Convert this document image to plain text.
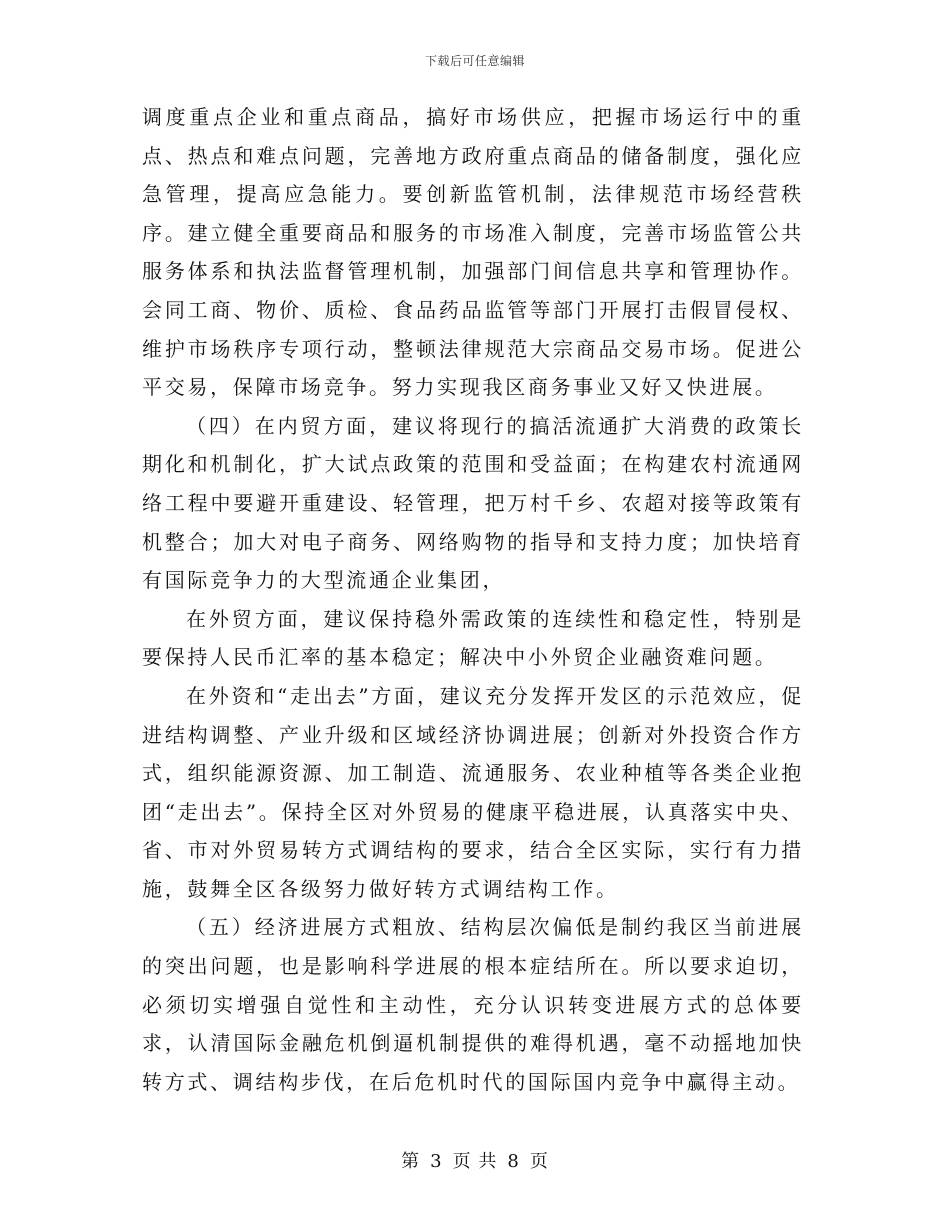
下载后可任意编辑

调度重点企业和重点商品，搞好市场供应，把握市场运行中的重点、热点和难点问题，完善地方政府重点商品的储备制度，强化应急管理，提高应急能力。要创新监管机制，法律规范市场经营秩序。建立健全重要商品和服务的市场准入制度，完善市场监管公共服务体系和执法监督管理机制，加强部门间信息共享和管理协作。会同工商、物价、质检、食品药品监管等部门开展打击假冒侵权、维护市场秩序专项行动，整顿法律规范大宗商品交易市场。促进公平交易，保障市场竞争。努力实现我区商务事业又好又快进展。

（四）在内贸方面，建议将现行的搞活流通扩大消费的政策长期化和机制化，扩大试点政策的范围和受益面；在构建农村流通网络工程中要避开重建设、轻管理，把万村千乡、农超对接等政策有机整合；加大对电子商务、网络购物的指导和支持力度；加快培育有国际竞争力的大型流通企业集团，

在外贸方面，建议保持稳外需政策的连续性和稳定性，特别是要保持人民币汇率的基本稳定；解决中小外贸企业融资难问题。

在外资和“走出去”方面，建议充分发挥开发区的示范效应，促进结构调整、产业升级和区域经济协调进展；创新对外投资合作方式，组织能源资源、加工制造、流通服务、农业种植等各类企业抱团“走出去”。保持全区对外贸易的健康平稳进展，认真落实中央、省、市对外贸易转方式调结构的要求，结合全区实际，实行有力措施，鼓舞全区各级努力做好转方式调结构工作。

（五）经济进展方式粗放、结构层次偏低是制约我区当前进展的突出问题，也是影响科学进展的根本症结所在。所以要求迫切，必须切实增强自觉性和主动性，充分认识转变进展方式的总体要求，认清国际金融危机倒逼机制提供的难得机遇，毫不动摇地加快转方式、调结构步伐，在后危机时代的国际国内竞争中赢得主动。

第 3 页 共 8 页
